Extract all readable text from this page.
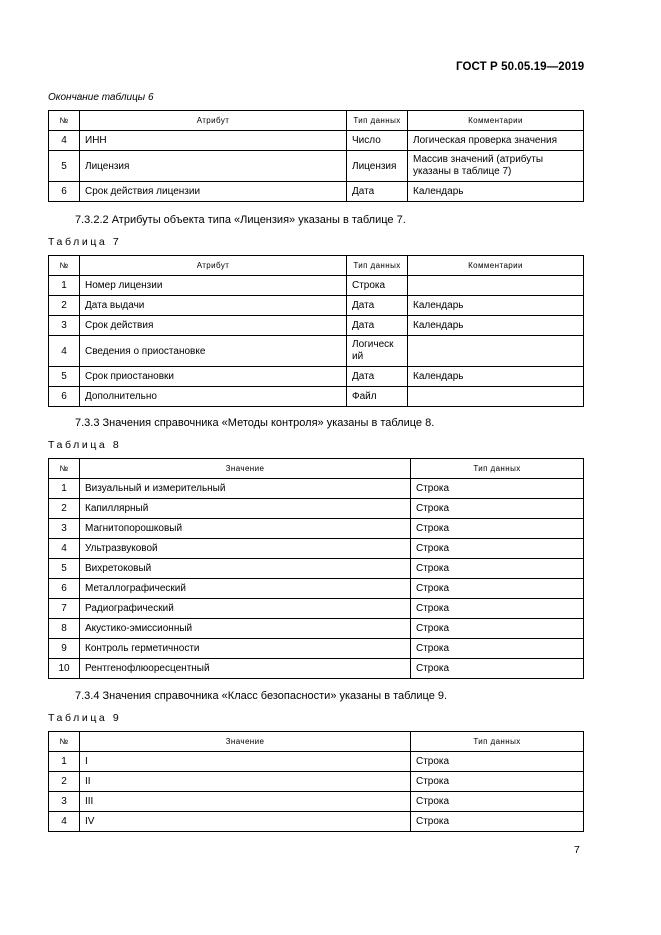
ГОСТ Р 50.05.19—2019
Окончание таблицы 6
№	Атрибут	Тип данных	Комментарии
4	ИНН	Число	Логическая проверка значения
5	Лицензия	Лицензия	Массив значений (атрибуты указаны в таблице 7)
6	Срок действия лицензии	Дата	Календарь
7.3.2.2 Атрибуты объекта типа «Лицензия» указаны в таблице 7.
Таблица 7
№	Атрибут	Тип данных	Комментарии
1	Номер лицензии	Строка	
2	Дата выдачи	Дата	Календарь
3	Срок действия	Дата	Календарь
4	Сведения о приостановке	Логический	
5	Срок приостановки	Дата	Календарь
6	Дополнительно	Файл	
7.3.3 Значения справочника «Методы контроля» указаны в таблице 8.
Таблица 8
№	Значение	Тип данных
1	Визуальный и измерительный	Строка
2	Капиллярный	Строка
3	Магнитопорошковый	Строка
4	Ультразвуковой	Строка
5	Вихретоковый	Строка
6	Металлографический	Строка
7	Радиографический	Строка
8	Акустико-эмиссионный	Строка
9	Контроль герметичности	Строка
10	Рентгенофлюоресцентный	Строка
7.3.4 Значения справочника «Класс безопасности» указаны в таблице 9.
Таблица 9
№	Значение	Тип данных
1	I	Строка
2	II	Строка
3	III	Строка
4	IV	Строка
7
